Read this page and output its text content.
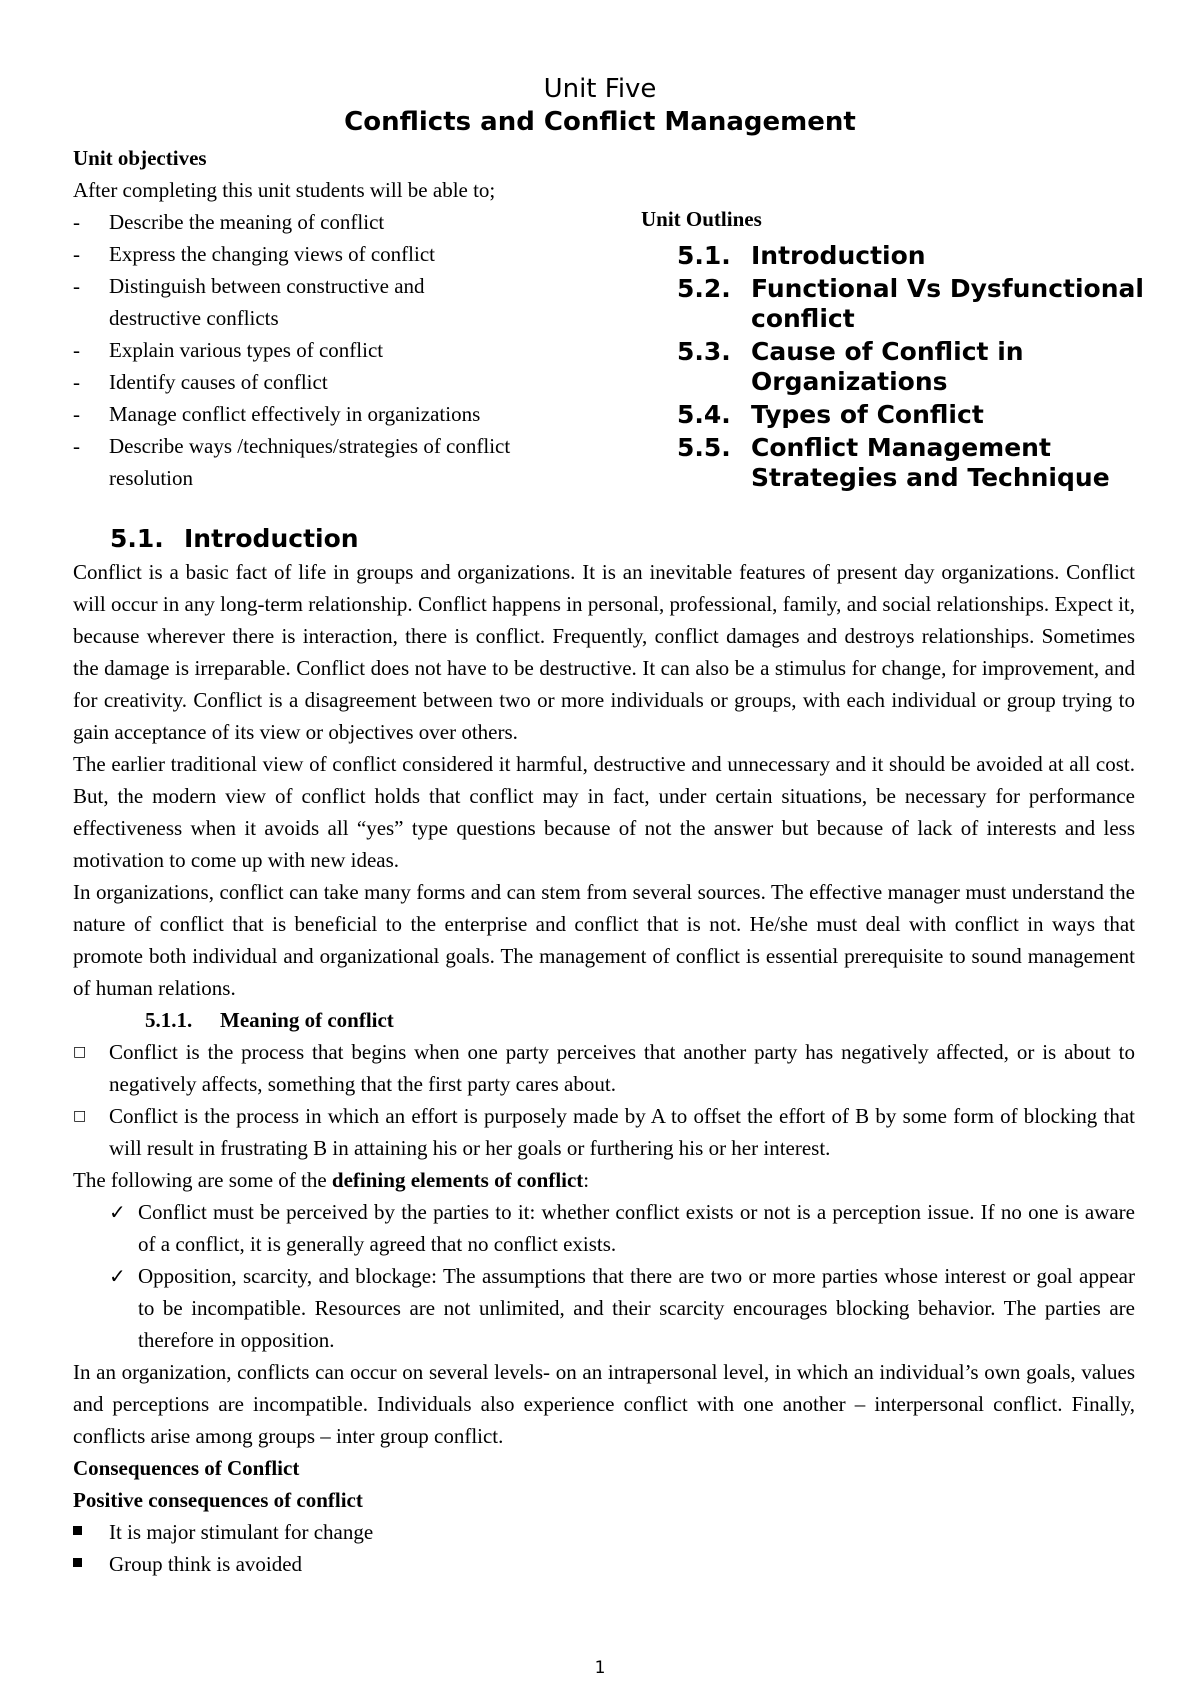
Unit Five
Conflicts and Conflict Management
Unit objectives
After completing this unit students will be able to;
- Describe the meaning of conflict
- Express the changing views of conflict
- Distinguish between constructive and destructive conflicts
- Explain various types of conflict
- Identify causes of conflict
- Manage conflict effectively in organizations
- Describe ways /techniques/strategies of conflict resolution
Unit Outlines
5.1. Introduction
5.2. Functional Vs Dysfunctional conflict
5.3. Cause of Conflict in Organizations
5.4. Types of Conflict
5.5. Conflict Management Strategies and Technique
5.1. Introduction

Conflict is a basic fact of life in groups and organizations. It is an inevitable features of present day organizations. Conflict will occur in any long-term relationship. Conflict happens in personal, professional, family, and social relationships. Expect it, because wherever there is interaction, there is conflict. Frequently, conflict damages and destroys relationships. Sometimes the damage is irreparable. Conflict does not have to be destructive. It can also be a stimulus for change, for improvement, and for creativity. Conflict is a disagreement between two or more individuals or groups, with each individual or group trying to gain acceptance of its view or objectives over others.

The earlier traditional view of conflict considered it harmful, destructive and unnecessary and it should be avoided at all cost. But, the modern view of conflict holds that conflict may in fact, under certain situations, be necessary for performance effectiveness when it avoids all “yes” type questions because of not the answer but because of lack of interests and less motivation to come up with new ideas.

In organizations, conflict can take many forms and can stem from several sources. The effective manager must understand the nature of conflict that is beneficial to the enterprise and conflict that is not. He/she must deal with conflict in ways that promote both individual and organizational goals. The management of conflict is essential prerequisite to sound management of human relations.

5.1.1. Meaning of conflict
□ Conflict is the process that begins when one party perceives that another party has negatively affected, or is about to negatively affects, something that the first party cares about.
□ Conflict is the process in which an effort is purposely made by A to offset the effort of B by some form of blocking that will result in frustrating B in attaining his or her goals or furthering his or her interest.

The following are some of the defining elements of conflict:

✓ Conflict must be perceived by the parties to it: whether conflict exists or not is a perception issue. If no one is aware of a conflict, it is generally agreed that no conflict exists.
✓ Opposition, scarcity, and blockage: The assumptions that there are two or more parties whose interest or goal appear to be incompatible. Resources are not unlimited, and their scarcity encourages blocking behavior. The parties are therefore in opposition.

In an organization, conflicts can occur on several levels- on an intrapersonal level, in which an individual’s own goals, values and perceptions are incompatible. Individuals also experience conflict with one another – interpersonal conflict. Finally, conflicts arise among groups – inter group conflict.

Consequences of Conflict
Positive consequences of conflict
It is major stimulant for change
Group think is avoided
1
